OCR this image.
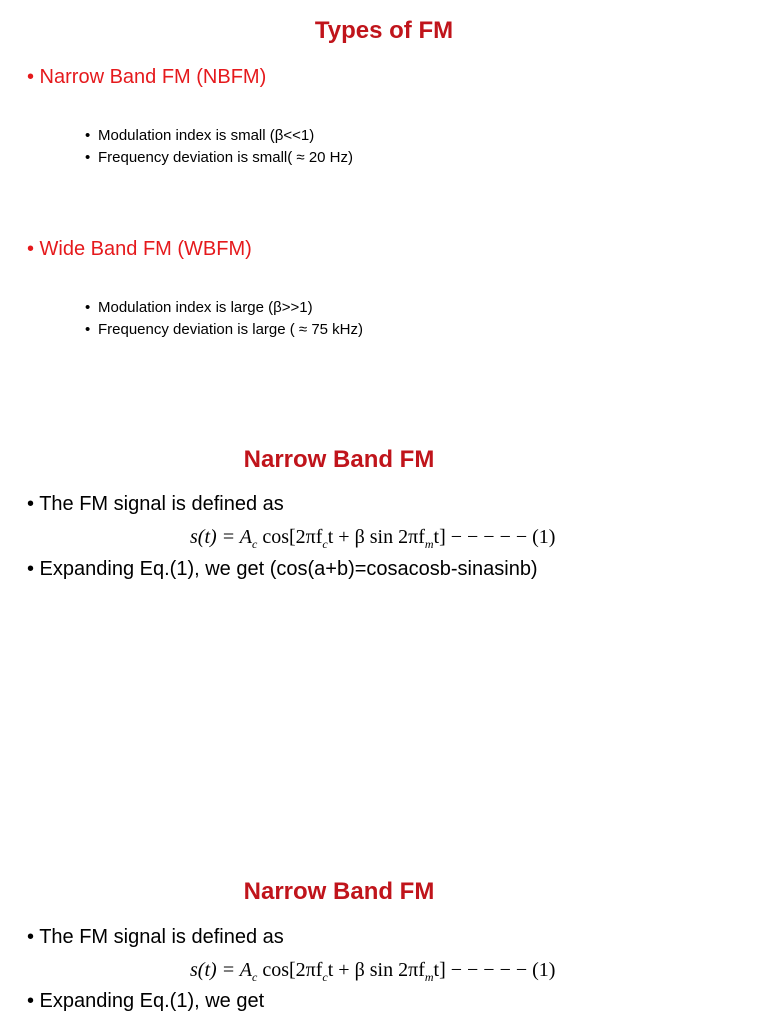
Types of FM
• Narrow Band FM (NBFM)
• Modulation index is small (β<<1)
• Frequency deviation is small( ≈ 20 Hz)
• Wide Band FM (WBFM)
• Modulation index is large (β>>1)
• Frequency deviation is large ( ≈ 75 kHz)
Narrow Band FM
• The FM signal is defined as
$s(t) = A_c$ $\cos[2\pi f_ct + \beta$ $\sin 2\pi f_mt$] − − − − − (1)
• Expanding Eq.(1), we get (cos(a+b)=cosacosb-sinasinb)
Narrow Band FM
• The FM signal is defined as
$s(t) = A_c$ $\cos[2\pi f_ct + \beta$ $\sin 2\pi f_mt$] − − − − − (1)
• Expanding Eq.(1), we get
